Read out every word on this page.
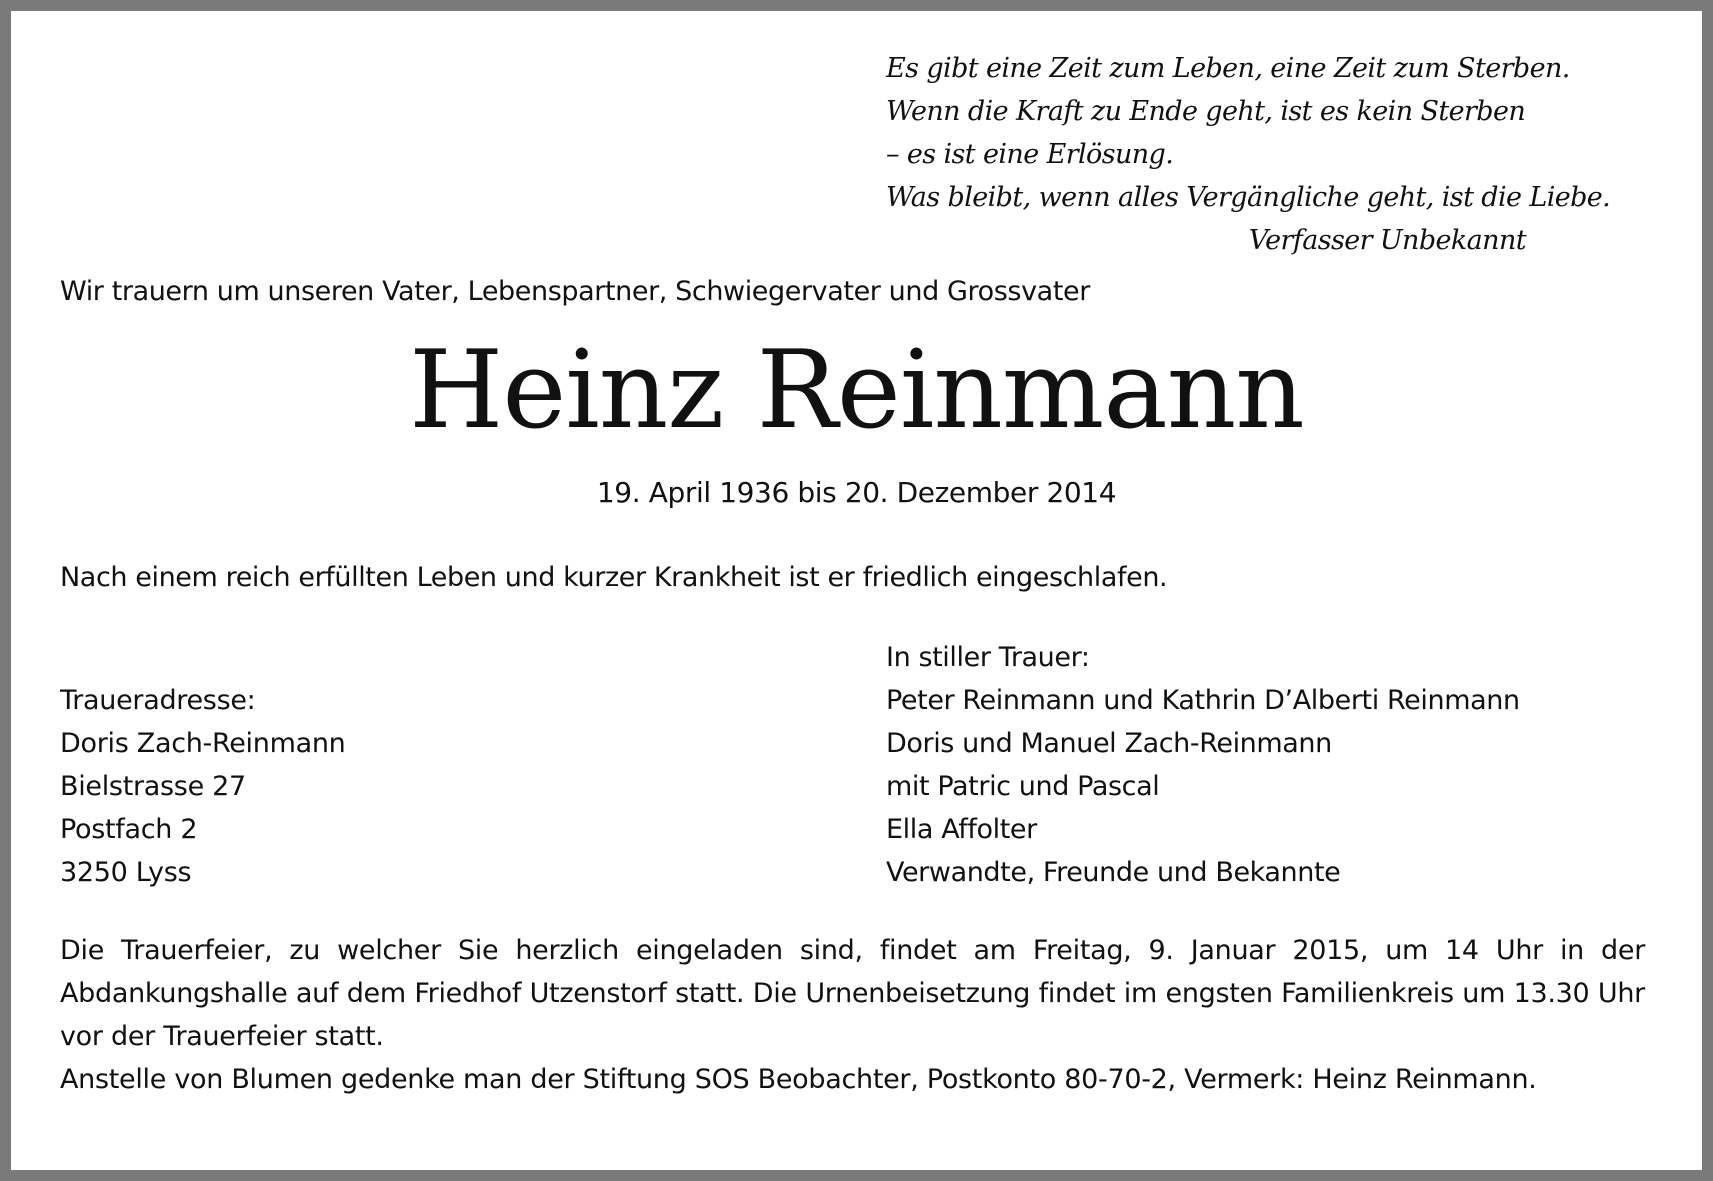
Es gibt eine Zeit zum Leben, eine Zeit zum Sterben.
Wenn die Kraft zu Ende geht, ist es kein Sterben
– es ist eine Erlösung.
Was bleibt, wenn alles Vergängliche geht, ist die Liebe.
Verfasser Unbekannt
Wir trauern um unseren Vater, Lebenspartner, Schwiegervater und Grossvater
Heinz Reinmann
19. April 1936 bis 20. Dezember 2014
Nach einem reich erfüllten Leben und kurzer Krankheit ist er friedlich eingeschlafen.
Traueradresse:
Doris Zach-Reinmann
Bielstrasse 27
Postfach 2
3250 Lyss
In stiller Trauer:
Peter Reinmann und Kathrin D’Alberti Reinmann
Doris und Manuel Zach-Reinmann
mit Patric und Pascal
Ella Affolter
Verwandte, Freunde und Bekannte

Die Trauerfeier, zu welcher Sie herzlich eingeladen sind, findet am Freitag, 9. Januar 2015, um 14 Uhr in der Abdankungshalle auf dem Friedhof Utzenstorf statt. Die Urnenbeisetzung findet im engsten Familienkreis um 13.30 Uhr vor der Trauerfeier statt.

Anstelle von Blumen gedenke man der Stiftung SOS Beobachter, Postkonto 80-70-2, Vermerk: Heinz Reinmann.
